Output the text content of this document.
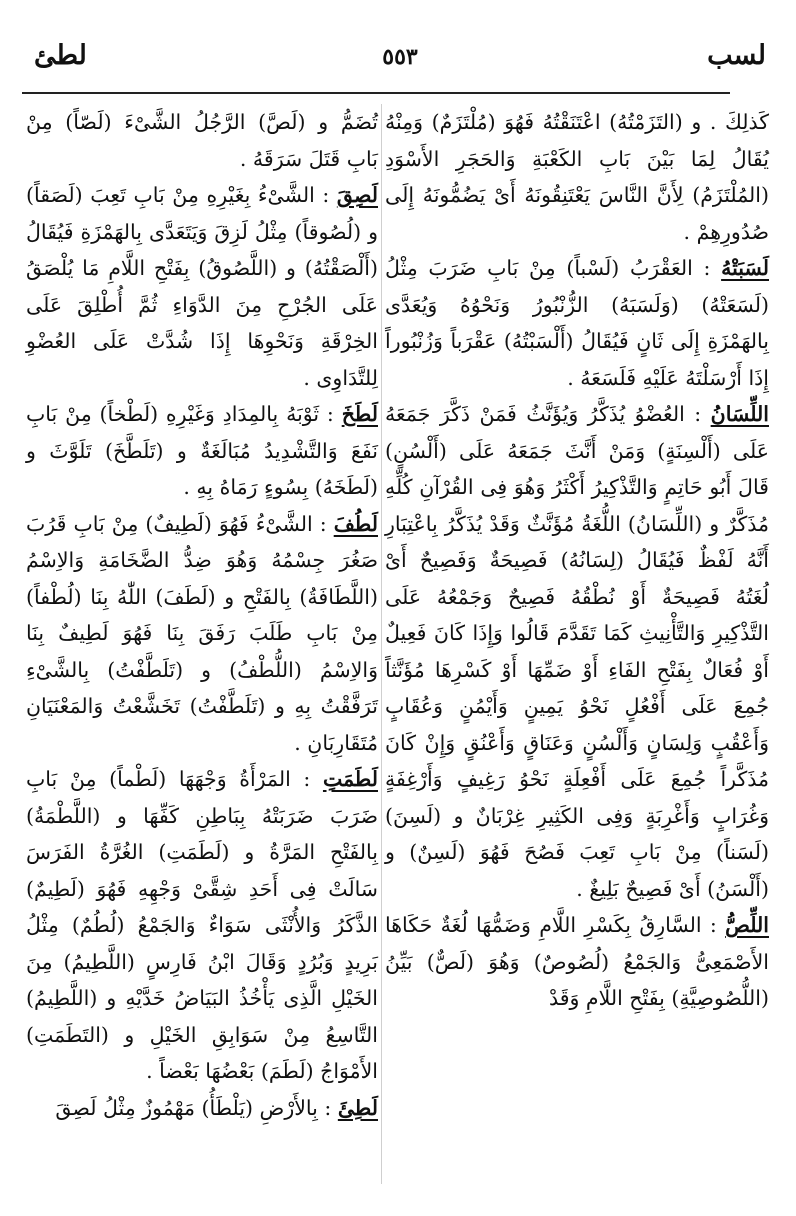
لسب
٥٥٣
لطئ

كَذلِكَ . و (التَزَمْتُهُ) اعْتَنَقْتُهُ فَهُوَ (مُلْتَزَمٌ) وَمِنْهُ يُقَالُ لِمَا بَيْنَ بَابِ الكَعْبَةِ وَالحَجَرِ الأَسْوَدِ (المُلْتَزَمُ) لِأَنَّ النَّاسَ يَعْتَنِقُونَهُ أَىْ يَضُمُّونَهُ إِلَى صُدُورِهِمْ .

لَسَبَتْهُ : العَقْرَبُ (لَسْباً) مِنْ بَابِ ضَرَبَ مِثْلُ (لَسَعَتْهُ) (وَلَسَبَهُ) الزُّنْبُورُ وَنَحْوُهُ وَيُعَدَّى بِالهَمْزَةِ إِلَى ثَانٍ فَيُقَالُ (أَلْسَبْتُهُ) عَقْرَباً وَزُنْبُوراً إِذَا أَرْسَلْتَهُ عَلَيْهِ فَلَسَعَهُ .

اللِّسَانُ : العُضْوُ يُذَكَّرُ وَيُؤَنَّثُ فَمَنْ ذَكَّرَ جَمَعَهُ عَلَى (أَلْسِنَةٍ) وَمَنْ أَنَّثَ جَمَعَهُ عَلَى (أَلْسُنٍ) قَالَ أَبُو حَاتِمٍ وَالتَّذْكِيرُ أَكْثَرُ وَهُوَ فِى القُرْآنِ كُلِّهِ مُذَكَّرٌ و (اللِّسَانُ) اللُّغَةُ مُؤَنَّثٌ وَقَدْ يُذَكَّرُ بِاعْتِبَارِ أَنَّهُ لَفْظٌ فَيُقَالُ (لِسَانُهُ) فَصِيحَةٌ وَفَصِيحٌ أَىْ لُغَتُهُ فَصِيحَةٌ أَوْ نُطْقُهُ فَصِيحٌ وَجَمْعُهُ عَلَى التَّذْكِيرِ وَالتَّأْنِيثِ كَمَا تَقَدَّمَ قَالُوا وَإِذَا كَانَ فَعِيلٌ أَوْ فُعَالٌ بِفَتْحِ الفَاءِ أَوْ ضَمِّهَا أَوْ كَسْرِهَا مُؤَنَّثاً جُمِعَ عَلَى أَفْعُلٍ نَحْوُ يَمِينٍ وَأَيْمُنٍ وَعُقَابٍ وَأَعْقُبٍ وَلِسَانٍ وَأَلْسُنٍ وَعَنَاقٍ وَأَعْنُقٍ وَإِنْ كَانَ مُذَكَّراً جُمِعَ عَلَى أَفْعِلَةٍ نَحْوُ رَغِيفٍ وَأَرْغِفَةٍ وَغُرَابٍ وَأَغْرِبَةٍ وَفِى الكَثِيرِ غِرْبَانٌ و (لَسِنَ) (لَسَناً) مِنْ بَابِ تَعِبَ فَصُحَ فَهُوَ (لَسِنٌ) و (أَلْسَنُ) أَىْ فَصِيحٌ بَلِيغٌ .

اللِّصُّ : السَّارِقُ بِكَسْرِ اللَّامِ وَضَمُّهَا لُغَةٌ حَكَاهَا الأَصْمَعِىُّ وَالجَمْعُ (لُصُوصٌ) وَهُوَ (لَصٌّ) بَيِّنُ (اللُّصُوصِيَّةِ) بِفَتْحِ اللَّامِ وَقَدْ

تُضَمُّ و (لَصَّ) الرَّجُلُ الشَّىْءَ (لَصّاً) مِنْ بَابِ قَتَلَ سَرَقَهُ .

لَصِقَ : الشَّىْءُ بِغَيْرِهِ مِنْ بَابِ تَعِبَ (لَصَقاً) و (لُصُوقاً) مِثْلُ لَزِقَ وَيَتَعَدَّى بِالهَمْزَةِ فَيُقَالُ (أَلْصَقْتُهُ) و (اللَّصُوقُ) بِفَتْحِ اللَّامِ مَا يُلْصَقُ عَلَى الجُرْحِ مِنَ الدَّوَاءِ ثُمَّ أُطْلِقَ عَلَى الخِرْقَةِ وَنَحْوِهَا إِذَا شُدَّتْ عَلَى العُضْوِ لِلتَّدَاوِى .

لَطَخَ : ثَوْبَهُ بِالمِدَادِ وَغَيْرِهِ (لَطْخاً) مِنْ بَابِ نَفَعَ وَالتَّشْدِيدُ مُبَالَغَةٌ و (تَلَطَّخَ) تَلَوَّثَ و (لَطَخَهُ) بِسُوءٍ رَمَاهُ بِهِ .

لَطُفَ : الشَّىْءُ فَهُوَ (لَطِيفٌ) مِنْ بَابِ قَرُبَ صَغُرَ جِسْمُهُ وَهُوَ ضِدُّ الضَّخَامَةِ وَالاِسْمُ (اللَّطَافَةُ) بِالفَتْحِ و (لَطَفَ) اللّٰهُ بِنَا (لُطْفاً) مِنْ بَابِ طَلَبَ رَفَقَ بِنَا فَهُوَ لَطِيفٌ بِنَا وَالاِسْمُ (اللُّطْفُ) و (تَلَطَّفْتُ) بِالشَّىْءِ تَرَفَّقْتُ بِهِ و (تَلَطَّفْتُ) تَخَشَّعْتُ وَالمَعْنَيَانِ مُتَقَارِبَانِ .

لَطَمَتِ : المَرْأَةُ وَجْهَهَا (لَطْماً) مِنْ بَابِ ضَرَبَ ضَرَبَتْهُ بِبَاطِنِ كَفِّهَا و (اللَّطْمَةُ) بِالفَتْحِ المَرَّةُ و (لَطَمَتِ) الغُرَّةُ الفَرَسَ سَالَتْ فِى أَحَدِ شِقَّىْ وَجْهِهِ فَهُوَ (لَطِيمٌ) الذَّكَرُ وَالأُنْثَى سَوَاءٌ وَالجَمْعُ (لُطُمٌ) مِثْلُ بَرِيدٍ وَبُرُدٍ وَقَالَ ابْنُ فَارِسٍ (اللَّطِيمُ) مِنَ الخَيْلِ الَّذِى يَأْخُذُ البَيَاضُ خَدَّيْهِ و (اللَّطِيمُ) التَّاسِعُ مِنْ سَوَابِقِ الخَيْلِ و (التَطَمَتِ) الأَمْوَاجُ (لَطَمَ) بَعْضُهَا بَعْضاً .

لَطِئَ : بِالأَرْضِ (يَلْطَأُ) مَهْمُوزٌ مِثْلُ لَصِقَ
